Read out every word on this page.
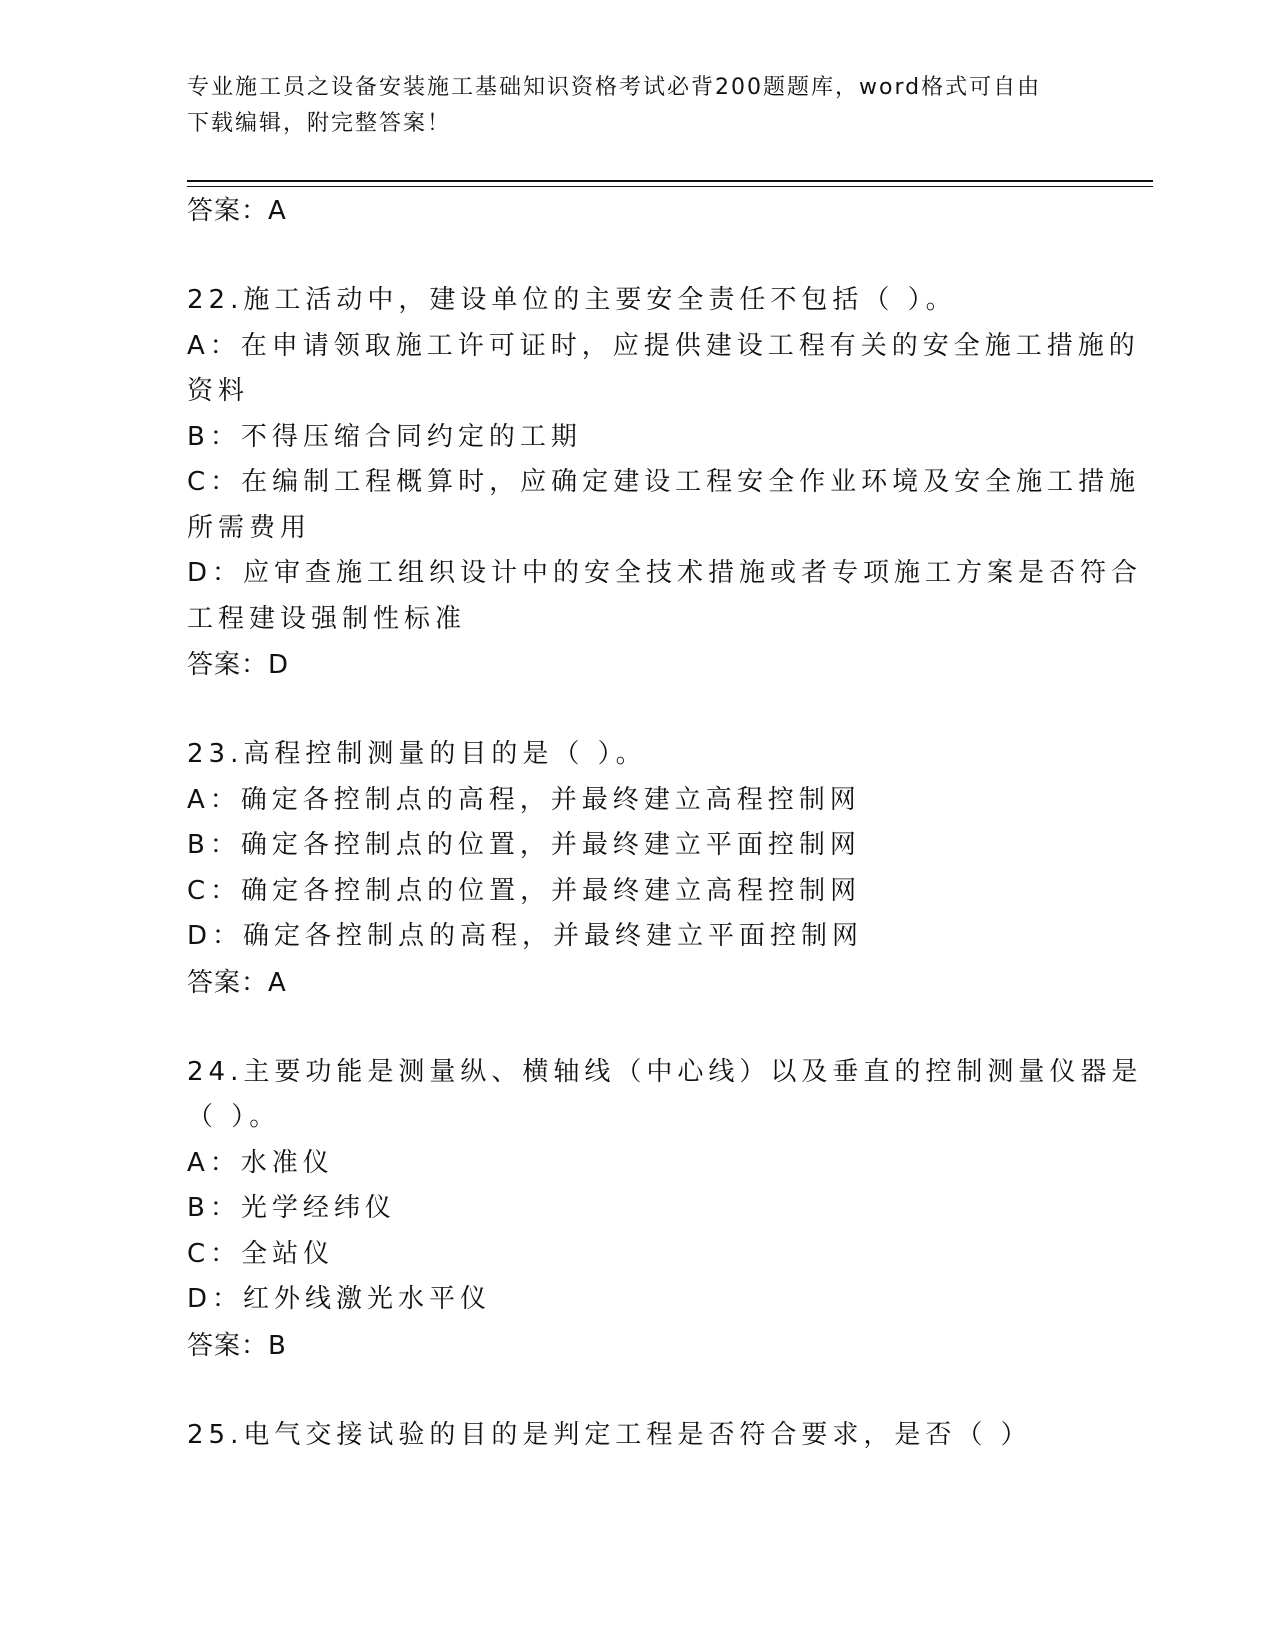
专业施工员之设备安装施工基础知识资格考试必背200题题库，word格式可自由
下载编辑，附完整答案！
答案：A
22.施工活动中，建设单位的主要安全责任不包括（ ）。
A：在申请领取施工许可证时，应提供建设工程有关的安全施工措施的
资料
B：不得压缩合同约定的工期
C：在编制工程概算时，应确定建设工程安全作业环境及安全施工措施
所需费用
D：应审查施工组织设计中的安全技术措施或者专项施工方案是否符合
工程建设强制性标准
答案：D
23.高程控制测量的目的是（ ）。
A：确定各控制点的高程，并最终建立高程控制网
B：确定各控制点的位置，并最终建立平面控制网
C：确定各控制点的位置，并最终建立高程控制网
D：确定各控制点的高程，并最终建立平面控制网
答案：A
24.主要功能是测量纵、横轴线（中心线）以及垂直的控制测量仪器是
（ ）。
A：水准仪
B：光学经纬仪
C：全站仪
D：红外线激光水平仪
答案：B
25.电气交接试验的目的是判定工程是否符合要求，是否（ ）
